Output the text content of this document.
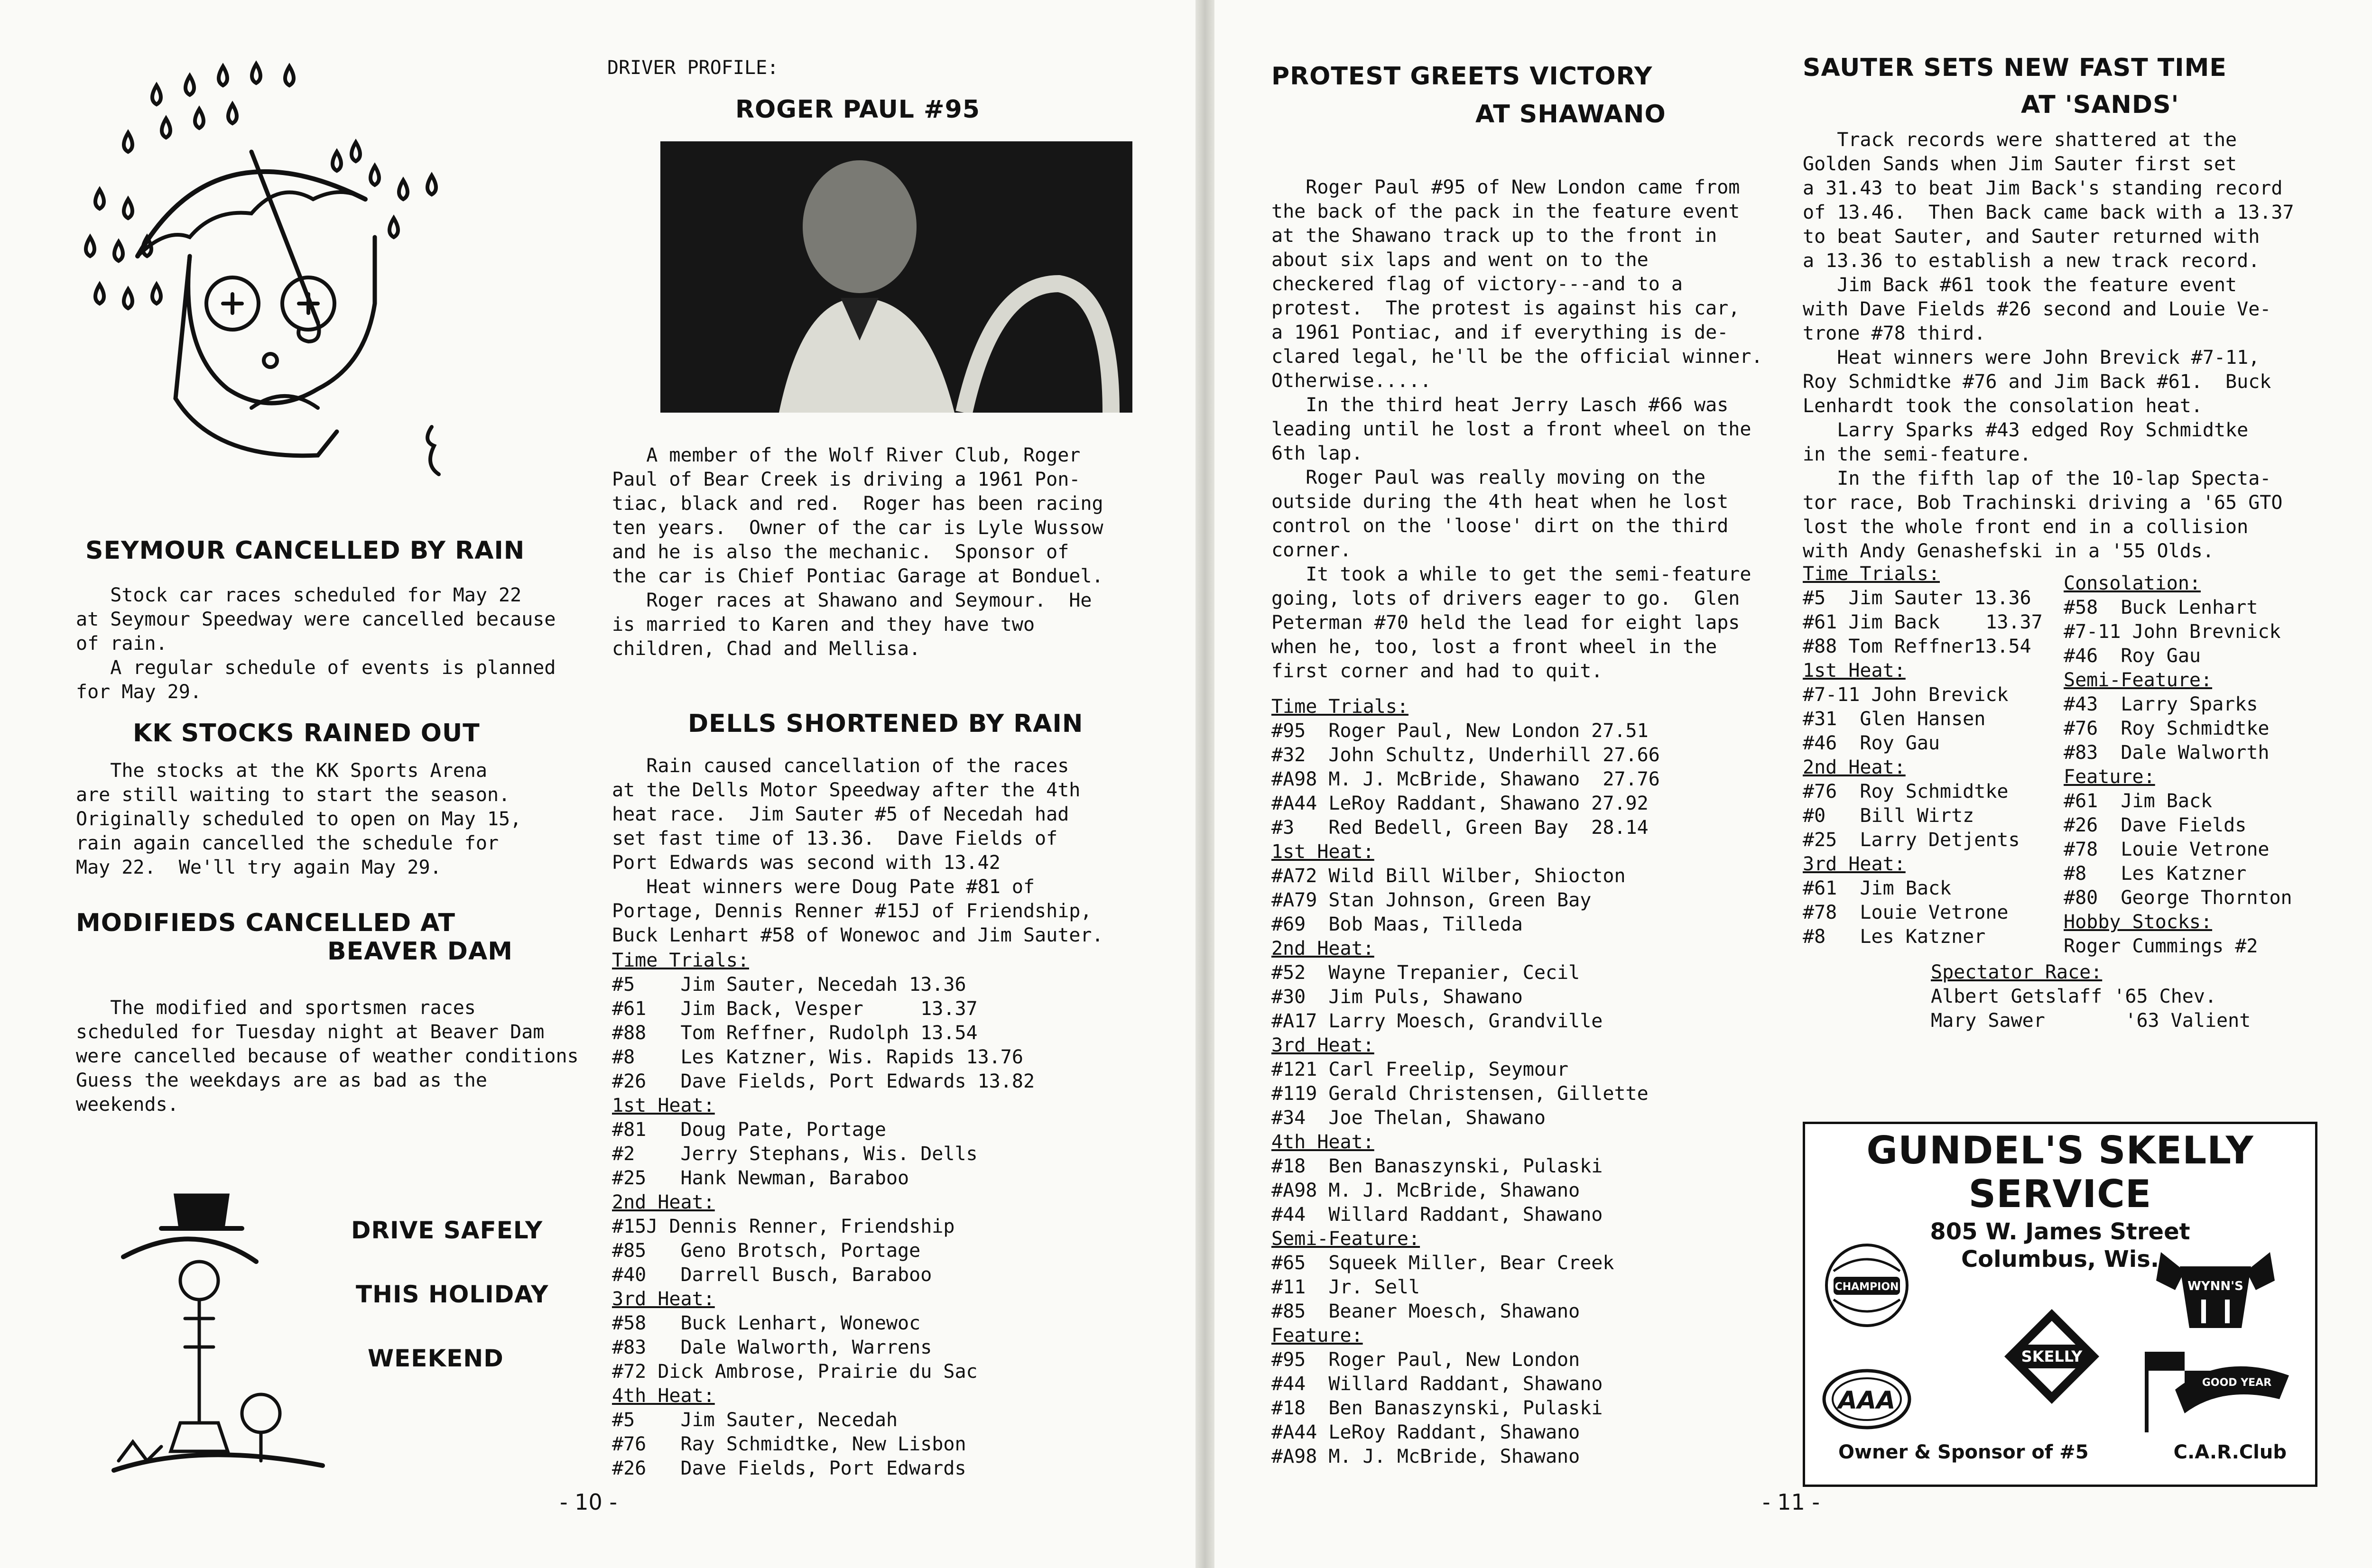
SEYMOUR CANCELLED BY RAIN
Stock car races scheduled for May 22
at Seymour Speedway were cancelled because
of rain.
A regular schedule of events is planned
for May 29.
KK STOCKS RAINED OUT
The stocks at the KK Sports Arena
are still waiting to start the season.
Originally scheduled to open on May 15,
rain again cancelled the schedule for
May 22.  We'll try again May 29.
MODIFIEDS CANCELLED AT
BEAVER DAM
The modified and sportsmen races
scheduled for Tuesday night at Beaver Dam
were cancelled because of weather conditions
Guess the weekdays are as bad as the
weekends.
DRIVE SAFELY
THIS HOLIDAY
WEEKEND
DRIVER PROFILE:
ROGER PAUL #95
A member of the Wolf River Club, Roger
Paul of Bear Creek is driving a 1961 Pon-
tiac, black and red.  Roger has been racing
ten years.  Owner of the car is Lyle Wussow
and he is also the mechanic.  Sponsor of
the car is Chief Pontiac Garage at Bonduel.
Roger races at Shawano and Seymour.  He
is married to Karen and they have two
children, Chad and Mellisa.
DELLS SHORTENED BY RAIN
Rain caused cancellation of the races
at the Dells Motor Speedway after the 4th
heat race.  Jim Sauter #5 of Necedah had
set fast time of 13.36.  Dave Fields of
Port Edwards was second with 13.42
Heat winners were Doug Pate #81 of
Portage, Dennis Renner #15J of Friendship,
Buck Lenhart #58 of Wonewoc and Jim Sauter.
Time Trials:
#5    Jim Sauter, Necedah 13.36
#61   Jim Back, Vesper     13.37
#88   Tom Reffner, Rudolph 13.54
#8    Les Katzner, Wis. Rapids 13.76
#26   Dave Fields, Port Edwards 13.82
1st Heat:
#81   Doug Pate, Portage
#2    Jerry Stephans, Wis. Dells
#25   Hank Newman, Baraboo
2nd Heat:
#15J Dennis Renner, Friendship
#85   Geno Brotsch, Portage
#40   Darrell Busch, Baraboo
3rd Heat:
#58   Buck Lenhart, Wonewoc
#83   Dale Walworth, Warrens
#72 Dick Ambrose, Prairie du Sac
4th Heat:
#5    Jim Sauter, Necedah
#76   Ray Schmidtke, New Lisbon
#26   Dave Fields, Port Edwards
- 10 -
PROTEST GREETS VICTORY
AT SHAWANO
Roger Paul #95 of New London came from
the back of the pack in the feature event
at the Shawano track up to the front in
about six laps and went on to the
checkered flag of victory---and to a
protest.  The protest is against his car,
a 1961 Pontiac, and if everything is de-
clared legal, he'll be the official winner.
Otherwise.....
In the third heat Jerry Lasch #66 was
leading until he lost a front wheel on the
6th lap.
Roger Paul was really moving on the
outside during the 4th heat when he lost
control on the 'loose' dirt on the third
corner.
It took a while to get the semi-feature
going, lots of drivers eager to go.  Glen
Peterman #70 held the lead for eight laps
when he, too, lost a front wheel in the
first corner and had to quit.
Time Trials:
#95  Roger Paul, New London 27.51
#32  John Schultz, Underhill 27.66
#A98 M. J. McBride, Shawano  27.76
#A44 LeRoy Raddant, Shawano 27.92
#3   Red Bedell, Green Bay  28.14
1st Heat:
#A72 Wild Bill Wilber, Shiocton
#A79 Stan Johnson, Green Bay
#69  Bob Maas, Tilleda
2nd Heat:
#52  Wayne Trepanier, Cecil
#30  Jim Puls, Shawano
#A17 Larry Moesch, Grandville
3rd Heat:
#121 Carl Freelip, Seymour
#119 Gerald Christensen, Gillette
#34  Joe Thelan, Shawano
4th Heat:
#18  Ben Banaszynski, Pulaski
#A98 M. J. McBride, Shawano
#44  Willard Raddant, Shawano
Semi-Feature:
#65  Squeek Miller, Bear Creek
#11  Jr. Sell
#85  Beaner Moesch, Shawano
Feature:
#95  Roger Paul, New London
#44  Willard Raddant, Shawano
#18  Ben Banaszynski, Pulaski
#A44 LeRoy Raddant, Shawano
#A98 M. J. McBride, Shawano
SAUTER SETS NEW FAST TIME
AT 'SANDS'
Track records were shattered at the
Golden Sands when Jim Sauter first set
a 31.43 to beat Jim Back's standing record
of 13.46.  Then Back came back with a 13.37
to beat Sauter, and Sauter returned with
a 13.36 to establish a new track record.
Jim Back #61 took the feature event
with Dave Fields #26 second and Louie Ve-
trone #78 third.
Heat winners were John Brevick #7-11,
Roy Schmidtke #76 and Jim Back #61.  Buck
Lenhardt took the consolation heat.
Larry Sparks #43 edged Roy Schmidtke
in the semi-feature.
In the fifth lap of the 10-lap Specta-
tor race, Bob Trachinski driving a '65 GTO
lost the whole front end in a collision
with Andy Genashefski in a '55 Olds.
Time Trials:
#5  Jim Sauter 13.36
#61 Jim Back    13.37
#88 Tom Reffner13.54
1st Heat:
#7-11 John Brevick
#31  Glen Hansen
#46  Roy Gau
2nd Heat:
#76  Roy Schmidtke
#0   Bill Wirtz
#25  Larry Detjents
3rd Heat:
#61  Jim Back
#78  Louie Vetrone
#8   Les Katzner
Consolation:
#58  Buck Lenhart
#7-11 John Brevnick
#46  Roy Gau
Semi-Feature:
#43  Larry Sparks
#76  Roy Schmidtke
#83  Dale Walworth
Feature:
#61  Jim Back
#26  Dave Fields
#78  Louie Vetrone
#8   Les Katzner
#80  George Thornton
Hobby Stocks:
Roger Cummings #2
Spectator Race:
Albert Getslaff '65 Chev.
Mary Sawer       '63 Valient
GUNDEL'S SKELLY
SERVICE
805 W. James Street
Columbus, Wis.
CHAMPION
SKELLY
WYNN'S
AAA
GOOD YEAR
Owner & Sponsor of #5	C.A.R.Club
- 11 -
